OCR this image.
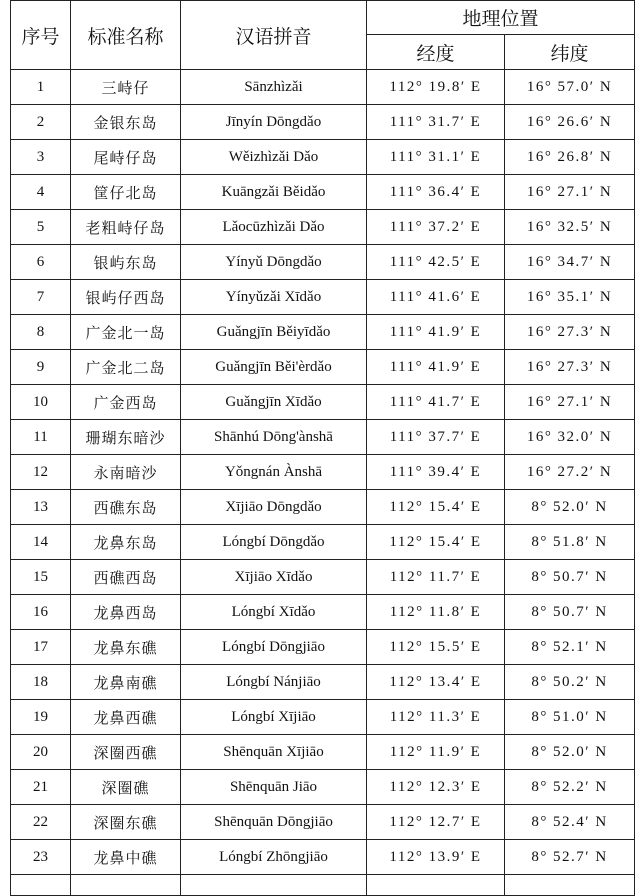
序号	标准名称	汉语拼音	地理位置	
			经度	纬度
1	三峙仔	Sānzhìzǎi	112° 19.8′ E	16° 57.0′ N
2	金银东岛	Jīnyín Dōngdǎo	111° 31.7′ E	16° 26.6′ N
3	尾峙仔岛	Wěizhìzǎi Dǎo	111° 31.1′ E	16° 26.8′ N
4	筐仔北岛	Kuāngzǎi Běidǎo	111° 36.4′ E	16° 27.1′ N
5	老粗峙仔岛	Lǎocūzhìzǎi Dǎo	111° 37.2′ E	16° 32.5′ N
6	银屿东岛	Yínyǔ Dōngdǎo	111° 42.5′ E	16° 34.7′ N
7	银屿仔西岛	Yínyǔzǎi Xīdǎo	111° 41.6′ E	16° 35.1′ N
8	广金北一岛	Guǎngjīn Běiyīdǎo	111° 41.9′ E	16° 27.3′ N
9	广金北二岛	Guǎngjīn Běi'èrdǎo	111° 41.9′ E	16° 27.3′ N
10	广金西岛	Guǎngjīn Xīdǎo	111° 41.7′ E	16° 27.1′ N
11	珊瑚东暗沙	Shānhú Dōng'ànshā	111° 37.7′ E	16° 32.0′ N
12	永南暗沙	Yǒngnán Ànshā	111° 39.4′ E	16° 27.2′ N
13	西礁东岛	Xījiāo Dōngdǎo	112° 15.4′ E	8° 52.0′ N
14	龙鼻东岛	Lóngbí Dōngdǎo	112° 15.4′ E	8° 51.8′ N
15	西礁西岛	Xījiāo Xīdǎo	112° 11.7′ E	8° 50.7′ N
16	龙鼻西岛	Lóngbí Xīdǎo	112° 11.8′ E	8° 50.7′ N
17	龙鼻东礁	Lóngbí Dōngjiāo	112° 15.5′ E	8° 52.1′ N
18	龙鼻南礁	Lóngbí Nánjiāo	112° 13.4′ E	8° 50.2′ N
19	龙鼻西礁	Lóngbí Xījiāo	112° 11.3′ E	8° 51.0′ N
20	深圈西礁	Shēnquān Xījiāo	112° 11.9′ E	8° 52.0′ N
21	深圈礁	Shēnquān Jiāo	112° 12.3′ E	8° 52.2′ N
22	深圈东礁	Shēnquān Dōngjiāo	112° 12.7′ E	8° 52.4′ N
23	龙鼻中礁	Lóngbí Zhōngjiāo	112° 13.9′ E	8° 52.7′ N
